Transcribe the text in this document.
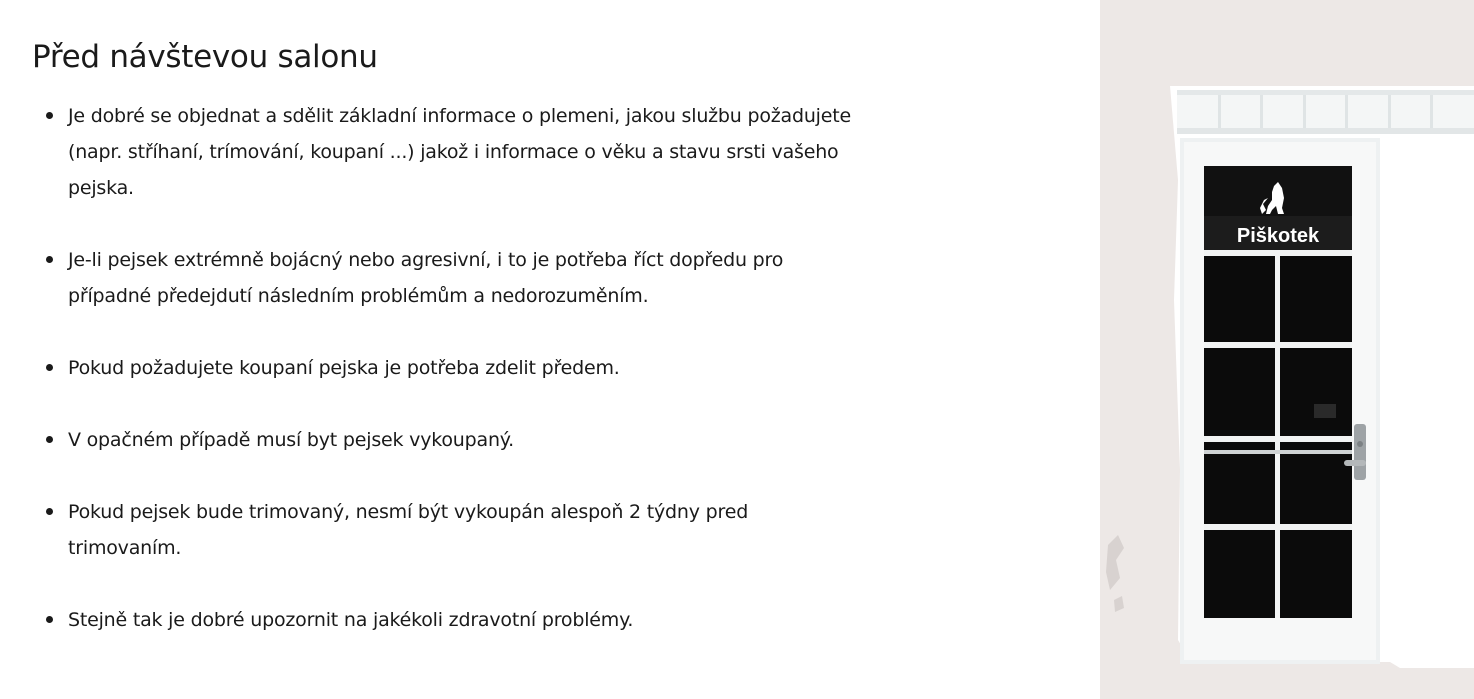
Před návštevou salonu
Je dobré se objednat a sdělit základní informace o plemeni, jakou službu požadujete (napr. stříhaní, trímování, koupaní ...) jakož i informace o věku a stavu srsti vašeho pejska.
Je-li pejsek extrémně bojácný nebo agresivní, i to je potřeba říct dopředu pro případné předejdutí následním problémům a nedorozuměním.
Pokud požadujete koupaní pejska je potřeba zdelit předem.
V opačném případě musí byt pejsek vykoupaný.
Pokud pejsek bude trimovaný, nesmí být vykoupán alespoň 2 týdny pred trimovaním.
Stejně tak je dobré upozornit na jakékoli zdravotní problémy.
Piškotek
